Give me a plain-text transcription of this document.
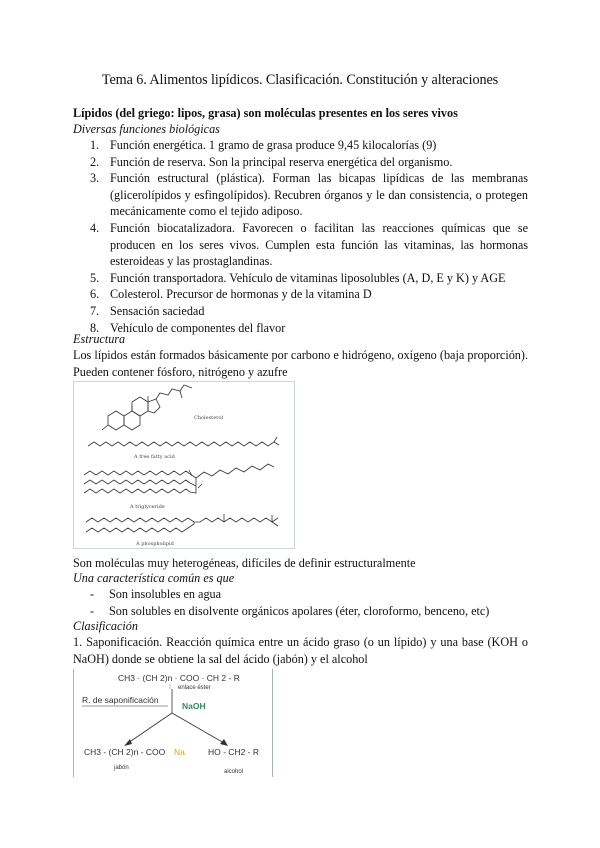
Tema 6. Alimentos lipídicos. Clasificación. Constitución y alteraciones
Lípidos (del griego: lipos, grasa) son moléculas presentes en los seres vivos
Diversas funciones biológicas
1. Función energética. 1 gramo de grasa produce 9,45 kilocalorías (9)
2. Función de reserva. Son la principal reserva energética del organismo.
3. Función estructural (plástica). Forman las bicapas lipídicas de las membranas (glicerolípidos y esfingolípidos). Recubren órganos y le dan consistencia, o protegen mecánicamente como el tejido adiposo.
4. Función biocatalizadora. Favorecen o facilitan las reacciones químicas que se producen en los seres vivos. Cumplen esta función las vitaminas, las hormonas esteroideas y las prostaglandinas.
5. Función transportadora. Vehículo de vitaminas liposolubles (A, D, E y K) y AGE
6. Colesterol. Precursor de hormonas y de la vitamina D
7. Sensación saciedad
8. Vehículo de componentes del flavor
Estructura
Los lípidos están formados básicamente por carbono e hidrógeno, oxígeno (baja proporción). Pueden contener fósforo, nitrógeno y azufre
Cholesterol
A free fatty acid
A triglyceride
A phospholipid
Son moléculas muy heterogéneas, difíciles de definir estructuralmente
Una característica común es que
- Son insolubles en agua
- Son solubles en disolvente orgánicos apolares (éter, cloroformo, benceno, etc)
Clasificación
1. Saponificación. Reacción química entre un ácido graso (o un lípido) y una base (KOH o NaOH) donde se obtiene la sal del ácido (jabón) y el alcohol
CH3 · (CH 2)n · COO · CH 2 - R
enlace éster
R. de saponificación
NaOH
CH3 - (CH 2)n - COO Na
jabón
HO - CH2 - R
alcohol
